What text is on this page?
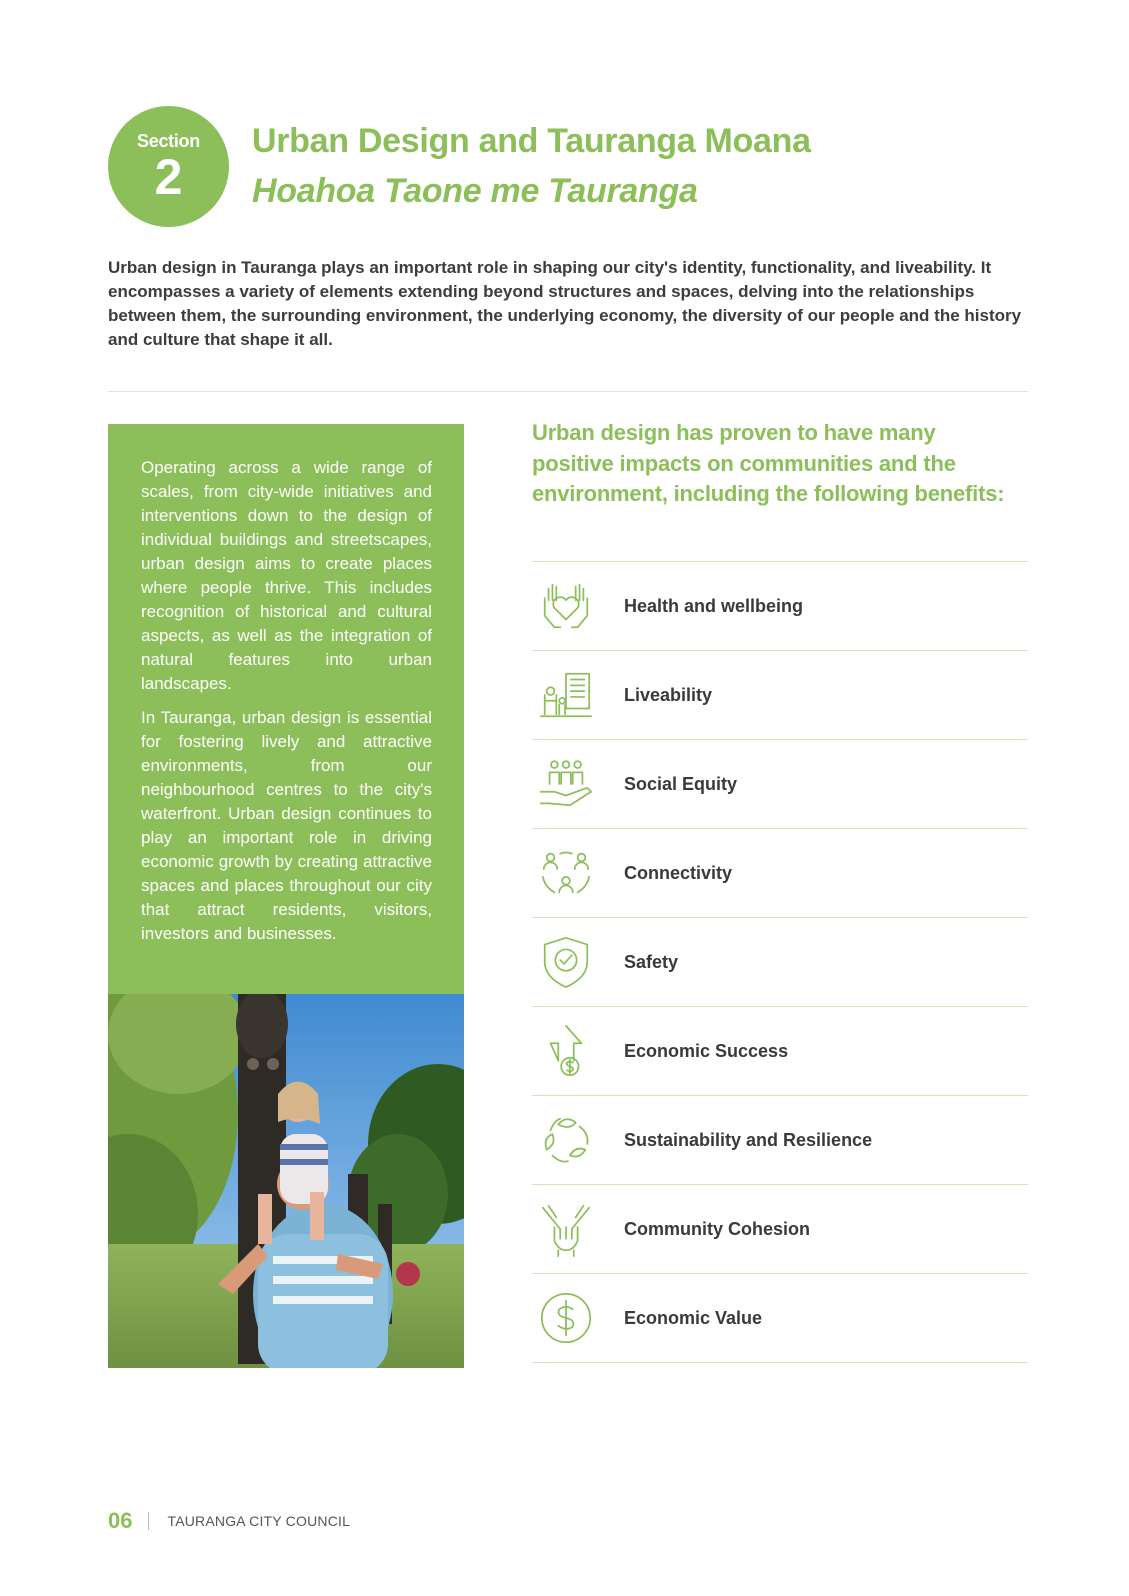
Section
2
Urban Design and Tauranga Moana
Hoahoa Taone me Tauranga

Urban design in Tauranga plays an important role in shaping our city's identity, functionality, and liveability. It encompasses a variety of elements extending beyond structures and spaces, delving into the relationships between them, the surrounding environment, the underlying economy, the diversity of our people and the history and culture that shape it all.

Operating across a wide range of scales, from city-wide initiatives and interventions down to the design of individual buildings and streetscapes, urban design aims to create places where people thrive. This includes recognition of historical and cultural aspects, as well as the integration of natural features into urban landscapes.

In Tauranga, urban design is essential for fostering lively and attractive environments, from our neighbourhood centres to the city's waterfront. Urban design continues to play an important role in driving economic growth by creating attractive spaces and places throughout our city that attract residents, visitors, investors and businesses.

Urban design has proven to have many positive impacts on communities and the environment, including the following benefits:
Health and wellbeing
Liveability
Social Equity
Connectivity
Safety
Economic Success
Sustainability and Resilience
Community Cohesion
Economic Value
06	TAURANGA CITY COUNCIL
